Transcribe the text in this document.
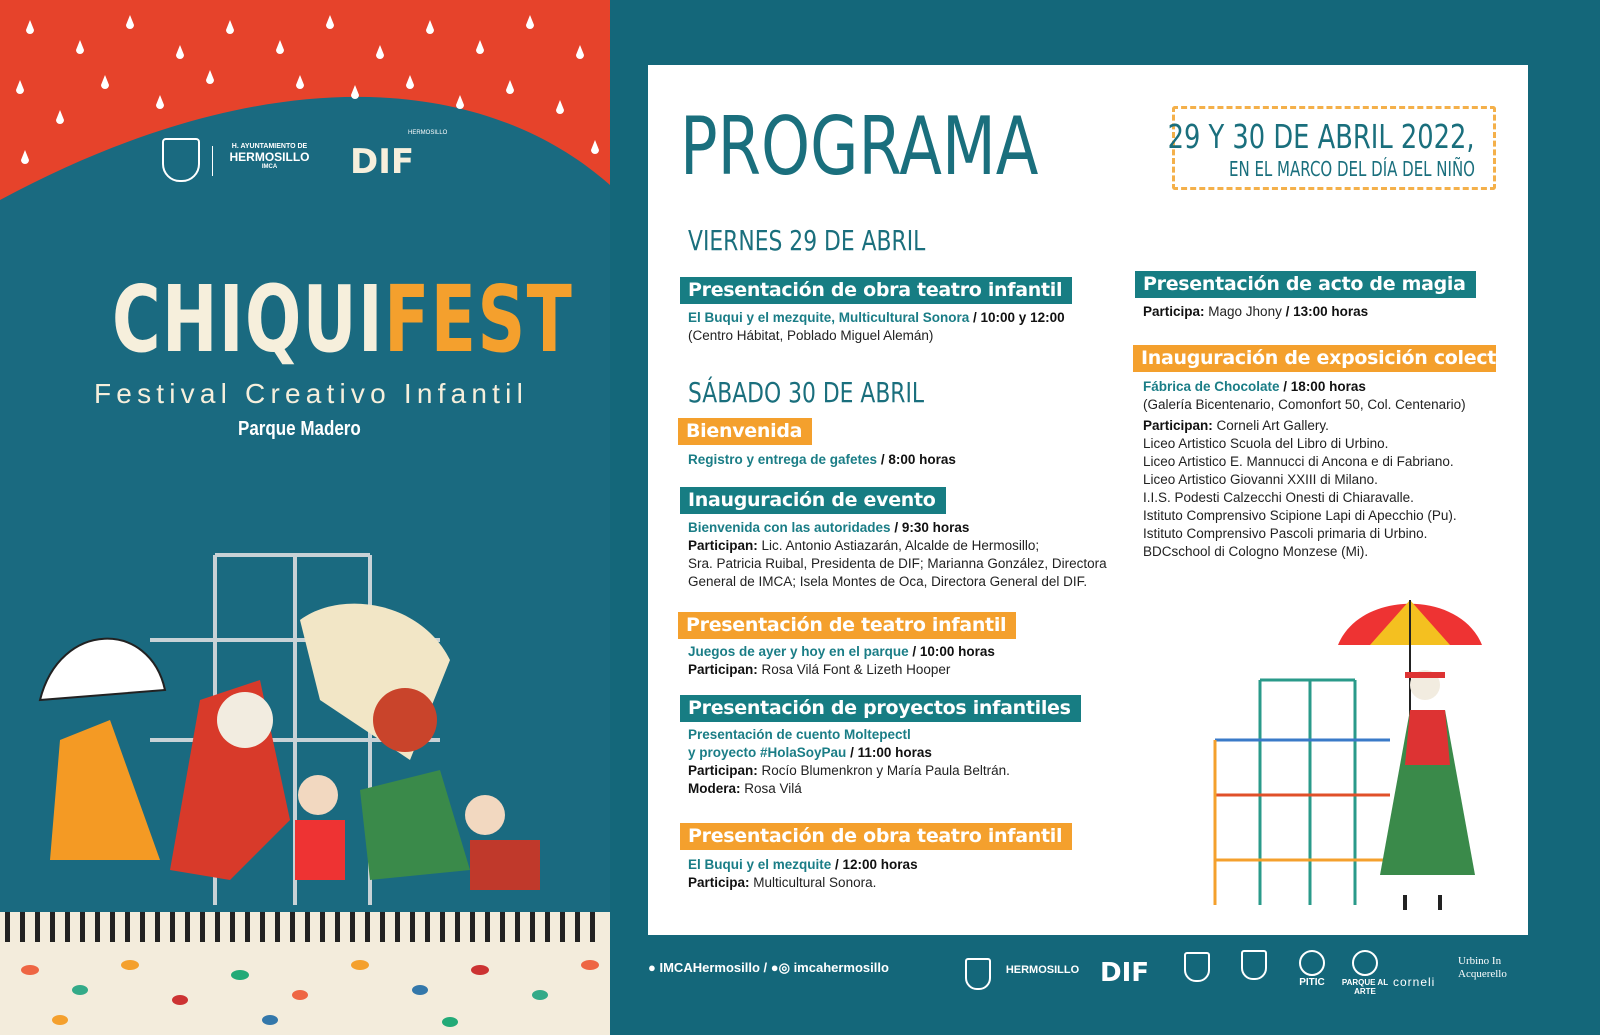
H. AYUNTAMIENTO DE
HERMOSILLO
IMCA	DIF
HERMOSILLO
CHIQUIFEST
Festival Creativo Infantil
Parque Madero
PROGRAMA	29 Y 30 DE ABRIL 2022,
EN EL MARCO DEL DÍA DEL NIÑO
VIERNES 29 DE ABRIL
Presentación de obra teatro infantil
El Buqui y el mezquite, Multicultural Sonora / 10:00 y 12:00
(Centro Hábitat, Poblado Miguel Alemán)
SÁBADO 30 DE ABRIL
Bienvenida
Registro y entrega de gafetes / 8:00 horas
Inauguración de evento
Bienvenida con las autoridades / 9:30 horas
Participan: Lic. Antonio Astiazarán, Alcalde de Hermosillo;
Sra. Patricia Ruibal, Presidenta de DIF; Marianna González, Directora
General de IMCA; Isela Montes de Oca, Directora General del DIF.
Presentación de teatro infantil
Juegos de ayer y hoy en el parque / 10:00 horas
Participan: Rosa Vilá Font & Lizeth Hooper
Presentación de proyectos infantiles
Presentación de cuento Moltepectl
y proyecto #HolaSoyPau / 11:00 horas
Participan: Rocío Blumenkron y María Paula Beltrán.
Modera: Rosa Vilá
Presentación de obra teatro infantil
El Buqui y el mezquite / 12:00 horas
Participa: Multicultural Sonora.
Presentación de acto de magia
Participa: Mago Jhony / 13:00 horas
Inauguración de exposición colectiva
Fábrica de Chocolate / 18:00 horas
(Galería Bicentenario, Comonfort 50, Col. Centenario)

Participan: Corneli Art Gallery.
Liceo Artistico Scuola del Libro di Urbino.
Liceo Artistico E. Mannucci di Ancona e di Fabriano.
Liceo Artistico Giovanni XXIII di Milano.
I.I.S. Podesti Calzecchi Onesti di Chiaravalle.
Istituto Comprensivo Scipione Lapi di Apecchio (Pu).
Istituto Comprensivo Pascoli primaria di Urbino.
BDCschool di Cologno Monzese (Mi).
● IMCAHermosillo / ●◎ imcahermosillo	HERMOSILLO DIF	PITIC	PARQUE AL ARTE
corneli
Urbino In Acquerello
